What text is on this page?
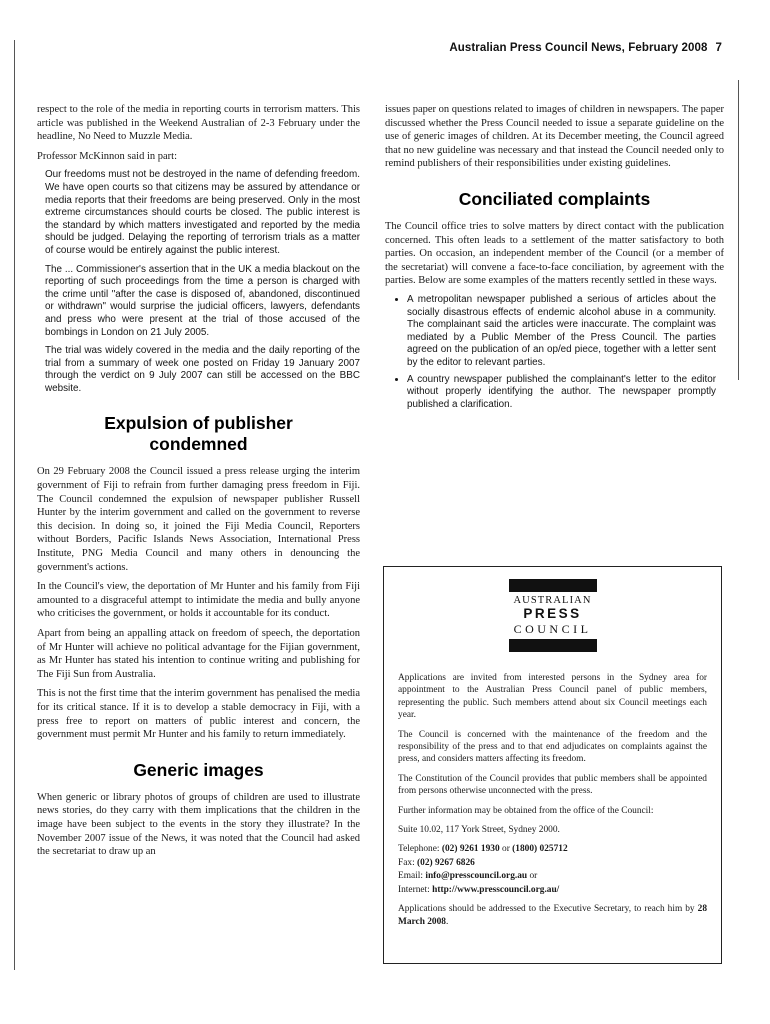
Australian Press Council News, February 2008 7

respect to the role of the media in reporting courts in terrorism matters. This article was published in the Weekend Australian of 2-3 February under the headline, No Need to Muzzle Media.

Professor McKinnon said in part:

Our freedoms must not be destroyed in the name of defending freedom. We have open courts so that citizens may be assured by attendance or media reports that their freedoms are being preserved. Only in the most extreme circumstances should courts be closed. The public interest is the standard by which matters investigated and reported by the media should be judged. Delaying the reporting of terrorism trials as a matter of course would be entirely against the public interest.

The ... Commissioner's assertion that in the UK a media blackout on the reporting of such proceedings from the time a person is charged with the crime until "after the case is disposed of, abandoned, discontinued or withdrawn" would surprise the judicial officers, lawyers, defendants and press who were present at the trial of those accused of the bombings in London on 21 July 2005.

The trial was widely covered in the media and the daily reporting of the trial from a summary of week one posted on Friday 19 January 2007 through the verdict on 9 July 2007 can still be accessed on the BBC website.

Expulsion of publisher condemned

On 29 February 2008 the Council issued a press release urging the interim government of Fiji to refrain from further damaging press freedom in Fiji. The Council condemned the expulsion of newspaper publisher Russell Hunter by the interim government and called on the government to reverse this decision. In doing so, it joined the Fiji Media Council, Reporters without Borders, Pacific Islands News Association, International Press Institute, PNG Media Council and many others in denouncing the government's actions.

In the Council's view, the deportation of Mr Hunter and his family from Fiji amounted to a disgraceful attempt to intimidate the media and bully anyone who criticises the government, or holds it accountable for its conduct.

Apart from being an appalling attack on freedom of speech, the deportation of Mr Hunter will achieve no political advantage for the Fijian government, as Mr Hunter has stated his intention to continue writing and publishing for The Fiji Sun from Australia.

This is not the first time that the interim government has penalised the media for its critical stance. If it is to develop a stable democracy in Fiji, with a press free to report on matters of public interest and concern, the government must permit Mr Hunter and his family to return immediately.

Generic images

When generic or library photos of groups of children are used to illustrate news stories, do they carry with them implications that the children in the image have been subject to the events in the story they illustrate? In the November 2007 issue of the News, it was noted that the Council had asked the secretariat to draw up an

issues paper on questions related to images of children in newspapers. The paper discussed whether the Press Council needed to issue a separate guideline on the use of generic images of children. At its December meeting, the Council agreed that no new guideline was necessary and that instead the Council needed only to remind publishers of their responsibilities under existing guidelines.

Conciliated complaints

The Council office tries to solve matters by direct contact with the publication concerned. This often leads to a settlement of the matter satisfactory to both parties. On occasion, an independent member of the Council (or a member of the secretariat) will convene a face-to-face conciliation, by agreement with the parties. Below are some examples of the matters recently settled in these ways.

• A metropolitan newspaper published a serious of articles about the socially disastrous effects of endemic alcohol abuse in a community. The complainant said the articles were inaccurate. The complaint was mediated by a Public Member of the Press Council. The parties agreed on the publication of an op/ed piece, together with a letter sent by the editor to relevant parties.
• A country newspaper published the complainant's letter to the editor without properly identifying the author. The newspaper promptly published a clarification.
AUSTRALIAN
PRESS
COUNCIL

Applications are invited from interested persons in the Sydney area for appointment to the Australian Press Council panel of public members, representing the public. Such members attend about six Council meetings each year.

The Council is concerned with the maintenance of the freedom and the responsibility of the press and to that end adjudicates on complaints against the press, and considers matters affecting its freedom.

The Constitution of the Council provides that public members shall be appointed from persons otherwise unconnected with the press.

Further information may be obtained from the office of the Council:

Suite 10.02, 117 York Street, Sydney 2000.

Telephone: (02) 9261 1930 or (1800) 025712

Fax: (02) 9267 6826

Email: info@presscouncil.org.au or

Internet: http://www.presscouncil.org.au/

Applications should be addressed to the Executive Secretary, to reach him by 28 March 2008.
